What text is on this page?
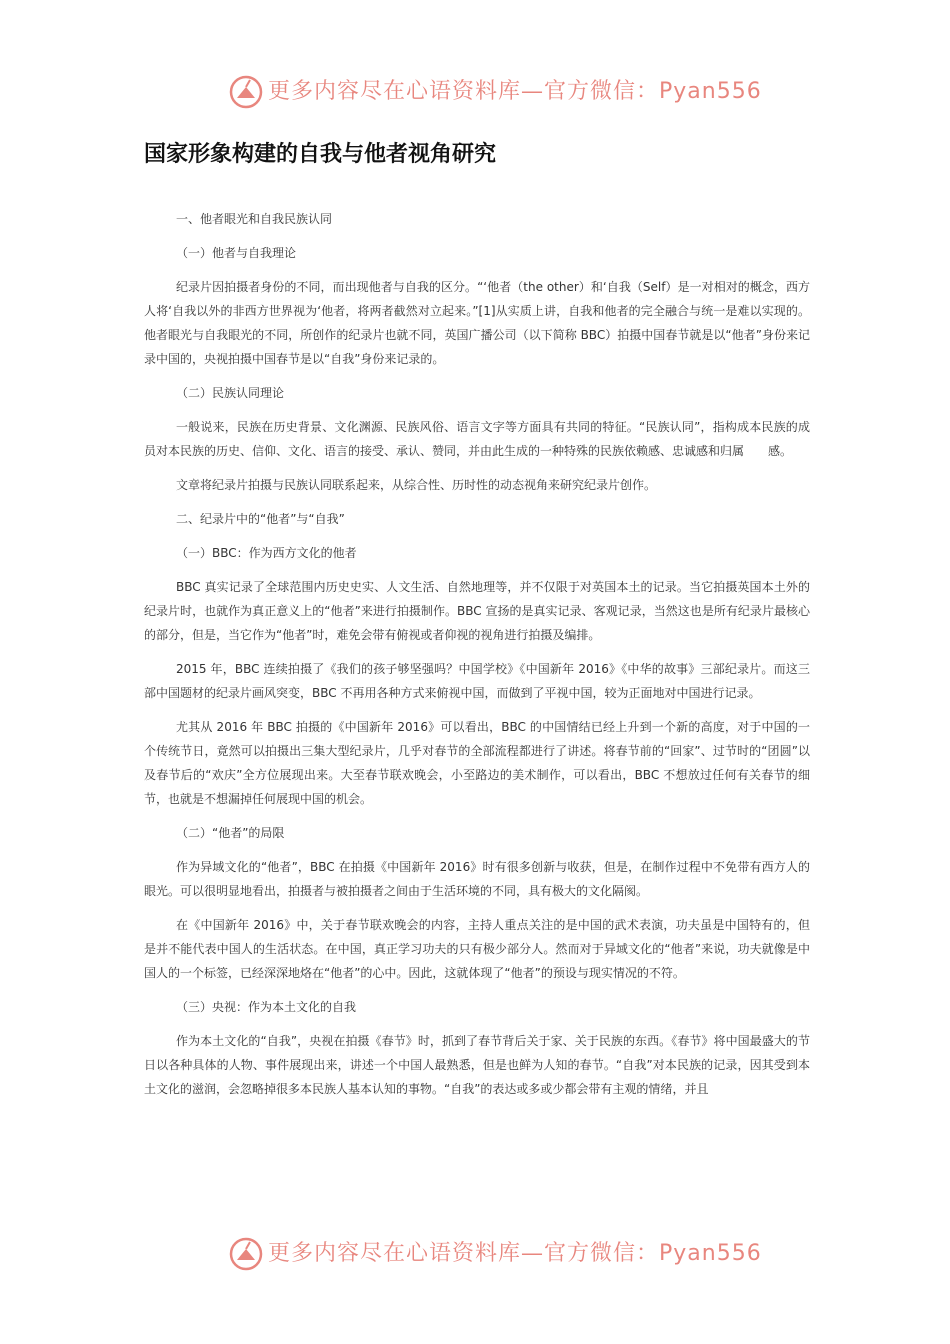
更多内容尽在心语资料库—官方微信：Pyan556
国家形象构建的自我与他者视角研究

一、他者眼光和自我民族认同

（一）他者与自我理论

纪录片因拍摄者身份的不同，而出现他者与自我的区分。“‘他者（the other）和‘自我（Self）是一对相对的概念，西方人将‘自我以外的非西方世界视为‘他者，将两者截然对立起来。”[1]从实质上讲，自我和他者的完全融合与统一是难以实现的。他者眼光与自我眼光的不同，所创作的纪录片也就不同，英国广播公司（以下简称 BBC）拍摄中国春节就是以“他者”身份来记录中国的，央视拍摄中国春节是以“自我”身份来记录的。

（二）民族认同理论

一般说来，民族在历史背景、文化渊源、民族风俗、语言文字等方面具有共同的特征。“民族认同”，指构成本民族的成员对本民族的历史、信仰、文化、语言的接受、承认、赞同，并由此生成的一种特殊的民族依赖感、忠诚感和归属　　感。

文章将纪录片拍摄与民族认同联系起来，从综合性、历时性的动态视角来研究纪录片创作。

二、纪录片中的“他者”与“自我”

（一）BBC：作为西方文化的他者

BBC 真实记录了全球范围内历史史实、人文生活、自然地理等，并不仅限于对英国本土的记录。当它拍摄英国本土外的纪录片时，也就作为真正意义上的“他者”来进行拍摄制作。BBC 宣扬的是真实记录、客观记录，当然这也是所有纪录片最核心的部分，但是，当它作为“他者”时，难免会带有俯视或者仰视的视角进行拍摄及编排。

2015 年，BBC 连续拍摄了《我们的孩子够坚强吗？中国学校》《中国新年 2016》《中华的故事》三部纪录片。而这三部中国题材的纪录片画风突变，BBC 不再用各种方式来俯视中国，而做到了平视中国，较为正面地对中国进行记录。

尤其从 2016 年 BBC 拍摄的《中国新年 2016》可以看出，BBC 的中国情结已经上升到一个新的高度，对于中国的一个传统节日，竟然可以拍摄出三集大型纪录片，几乎对春节的全部流程都进行了讲述。将春节前的“回家”、过节时的“团圆”以及春节后的“欢庆”全方位展现出来。大至春节联欢晚会，小至路边的美术制作，可以看出，BBC 不想放过任何有关春节的细节，也就是不想漏掉任何展现中国的机会。

（二）“他者”的局限

作为异域文化的“他者”，BBC 在拍摄《中国新年 2016》时有很多创新与收获，但是，在制作过程中不免带有西方人的眼光。可以很明显地看出，拍摄者与被拍摄者之间由于生活环境的不同，具有极大的文化隔阂。

在《中国新年 2016》中，关于春节联欢晚会的内容，主持人重点关注的是中国的武术表演，功夫虽是中国特有的，但是并不能代表中国人的生活状态。在中国，真正学习功夫的只有极少部分人。然而对于异域文化的“他者”来说，功夫就像是中国人的一个标签，已经深深地烙在“他者”的心中。因此，这就体现了“他者”的预设与现实情况的不符。

（三）央视：作为本土文化的自我

作为本土文化的“自我”，央视在拍摄《春节》时，抓到了春节背后关于家、关于民族的东西。《春节》将中国最盛大的节日以各种具体的人物、事件展现出来，讲述一个中国人最熟悉，但是也鲜为人知的春节。“自我”对本民族的记录，因其受到本土文化的滋润，会忽略掉很多本民族人基本认知的事物。“自我”的表达或多或少都会带有主观的情绪，并且

更多内容尽在心语资料库—官方微信：Pyan556
